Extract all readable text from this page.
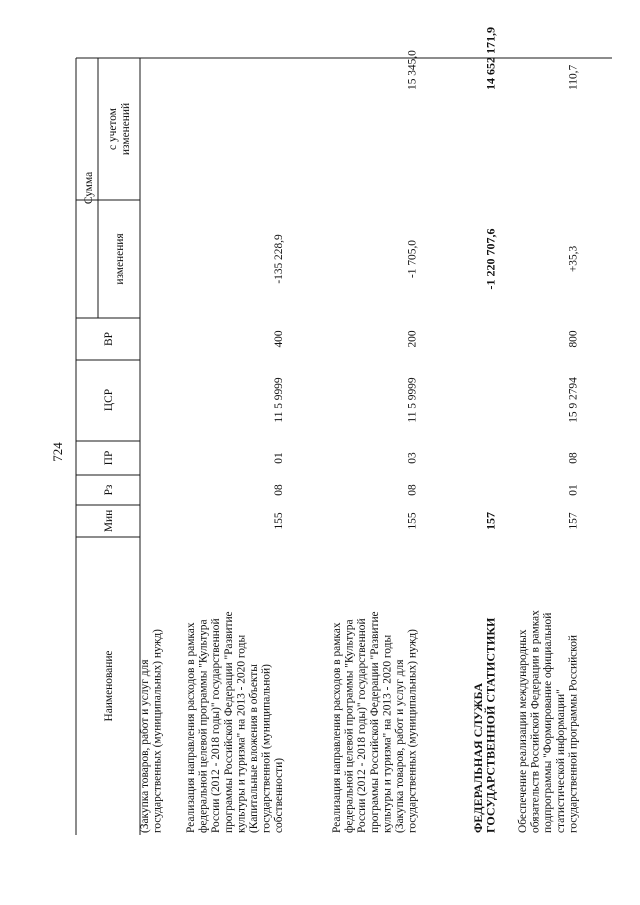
724
Наименование
Мин
Рз
ПР
ЦСР
ВР
Сумма
изменения
с учетом изменений
(Закупка товаров, работ и услуг для государственных (муниципальных) нужд) Реализация направления расходов в рамках федеральной целевой программы "Культура России (2012 - 2018 годы)" государственной программы Российской Федерации "Развитие культуры и туризма" на 2013 - 2020 годы (Капитальные вложения в объекты государственной (муниципальной) собственности)
155
08
01
11 5 9999
400
-135 228,9
Реализация направления расходов в рамках федеральной целевой программы "Культура России (2012 - 2018 годы)" государственной программы Российской Федерации "Развитие культуры и туризма" на 2013 - 2020 годы (Закупка товаров, работ и услуг для государственных (муниципальных) нужд)
155
08
03
11 5 9999
200
-1 705,0
15 345,0
ФЕДЕРАЛЬНАЯ СЛУЖБА
ГОСУДАРСТВЕННОЙ СТАТИСТИКИ
157
-1 220 707,6
14 652 171,9
Обеспечение реализации международных обязательств Российской Федерации в рамках подпрограммы "Формирование официальной статистической информации" государственной программы Российской
157
01
08
15 9 2794
800
+35,3
110,7
